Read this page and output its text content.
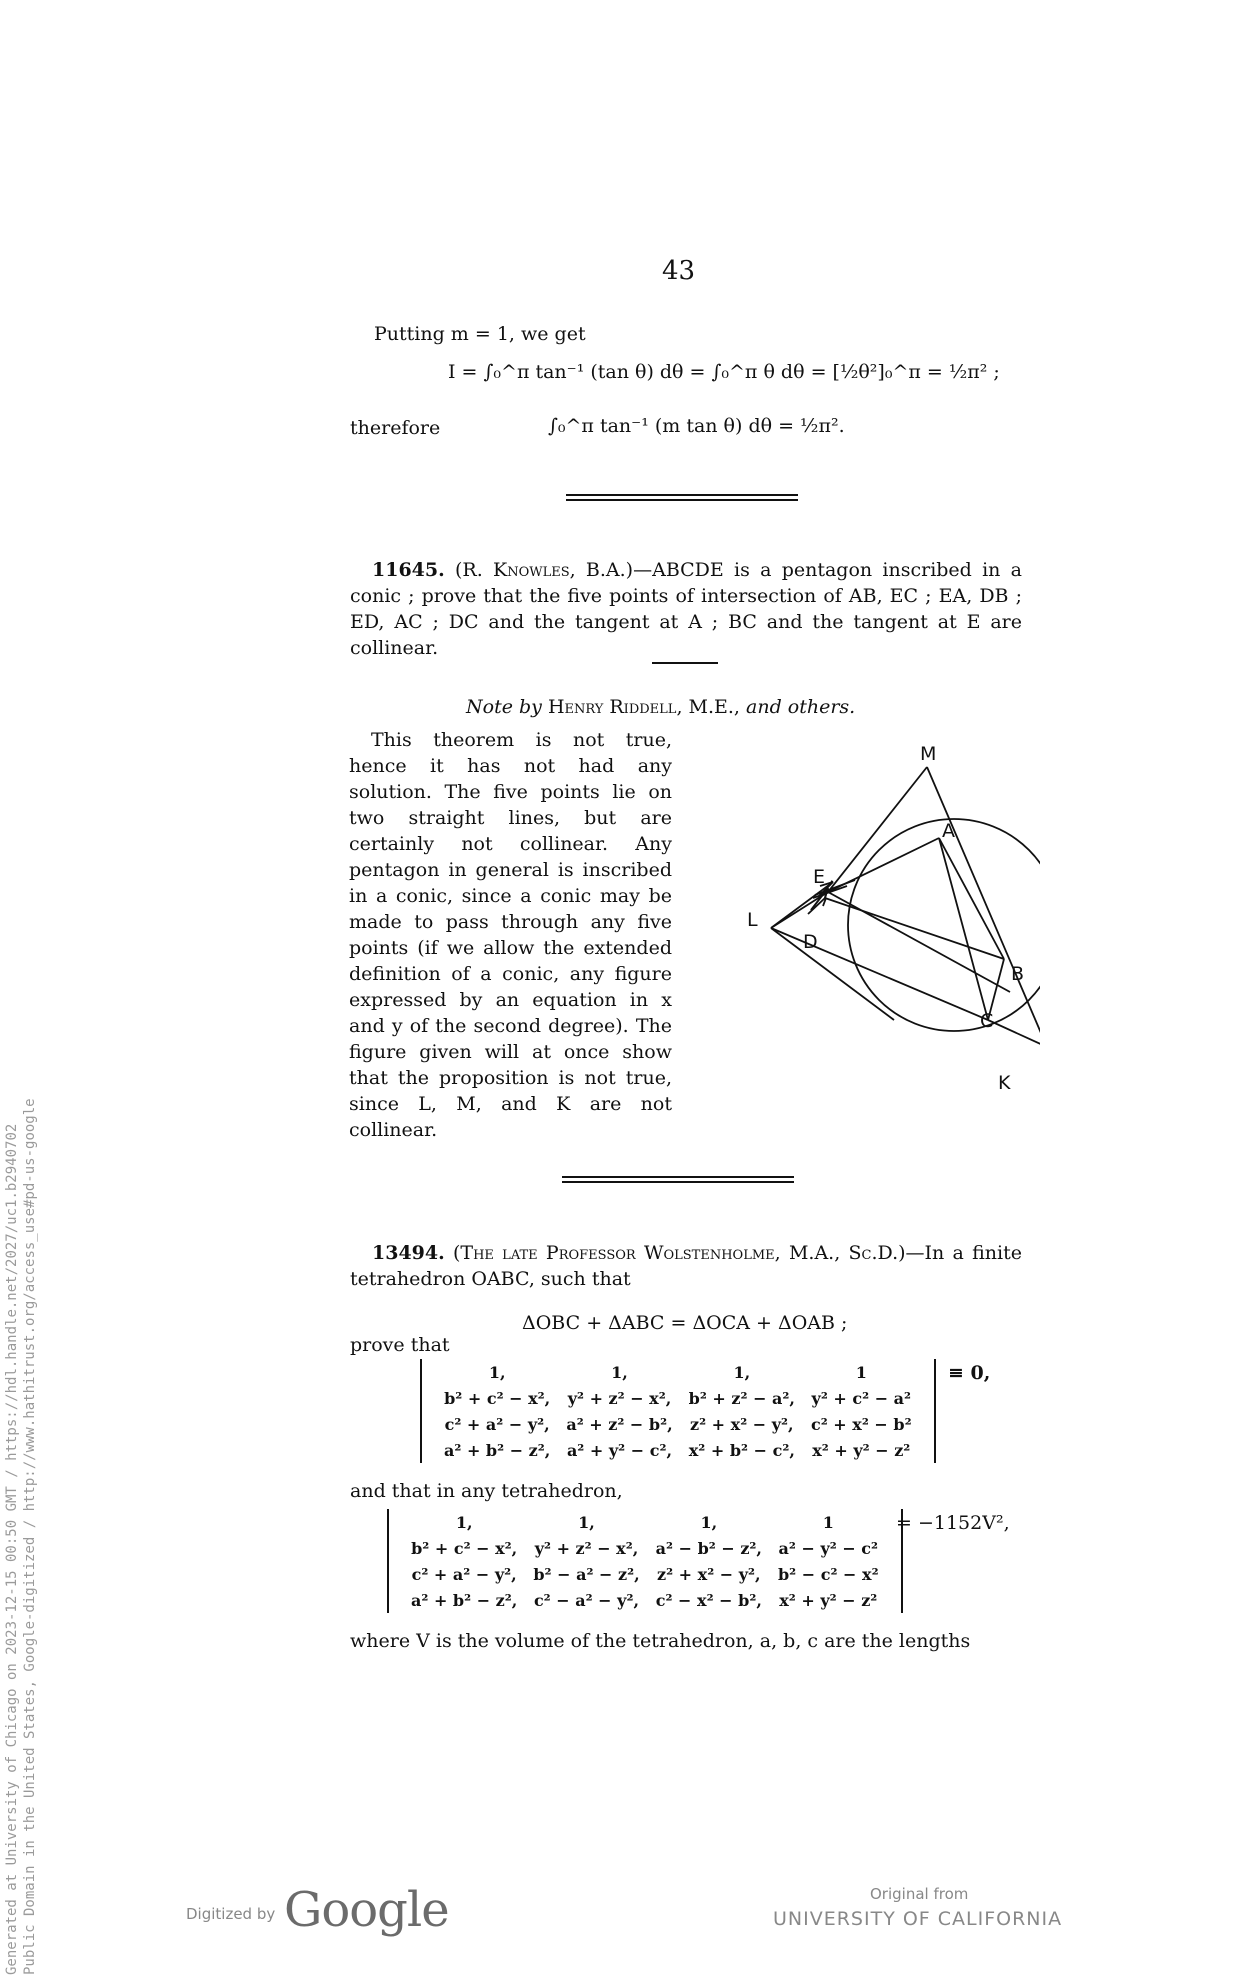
43
Putting m = 1, we get
I = ∫₀^π tan⁻¹ (tan θ) dθ = ∫₀^π θ dθ = [½θ²]₀^π = ½π² ;
therefore	∫₀^π tan⁻¹ (m tan θ) dθ = ½π².
11645. (R. Knowles, B.A.)—ABCDE is a pentagon inscribed in a conic ; prove that the five points of intersection of AB, EC ; EA, DB ; ED, AC ; DC and the tangent at A ; BC and the tangent at E are collinear.
Note by Henry Riddell, M.E., and others.
This theorem is not true, hence it has not had any solution. The five points lie on two straight lines, but are certainly not collinear. Any pentagon in general is inscribed in a conic, since a conic may be made to pass through any five points (if we allow the extended definition of a conic, any figure expressed by an equation in x and y of the second degree). The figure given will at once show that the proposition is not true, since L, M, and K are not collinear.
M
A
E
L
D
B
C
K
13494. (The late Professor Wolstenholme, M.A., Sc.D.)—In a finite tetrahedron OABC, such that
ΔOBC + ΔABC = ΔOCA + ΔOAB ;
prove that
1,	1,	1,	1
b² + c² − x²,	y² + z² − x²,	b² + z² − a²,	y² + c² − a²
c² + a² − y²,	a² + z² − b²,	z² + x² − y²,	c² + x² − b²
a² + b² − z²,	a² + y² − c²,	x² + b² − c²,	x² + y² − z²
≡ 0,
and that in any tetrahedron,
1,	1,	1,	1
b² + c² − x²,	y² + z² − x²,	a² − b² − z²,	a² − y² − c²
c² + a² − y²,	b² − a² − z²,	z² + x² − y²,	b² − c² − x²
a² + b² − z²,	c² − a² − y²,	c² − x² − b²,	x² + y² − z²
= −1152V²,
where V is the volume of the tetrahedron, a, b, c are the lengths
Generated at University of Chicago on 2023-12-15 00:50 GMT / https://hdl.handle.net/2027/uc1.b2940702 Public Domain in the United States, Google-digitized / http://www.hathitrust.org/access_use#pd-us-google	Digitized by Google	Original from
UNIVERSITY OF CALIFORNIA
